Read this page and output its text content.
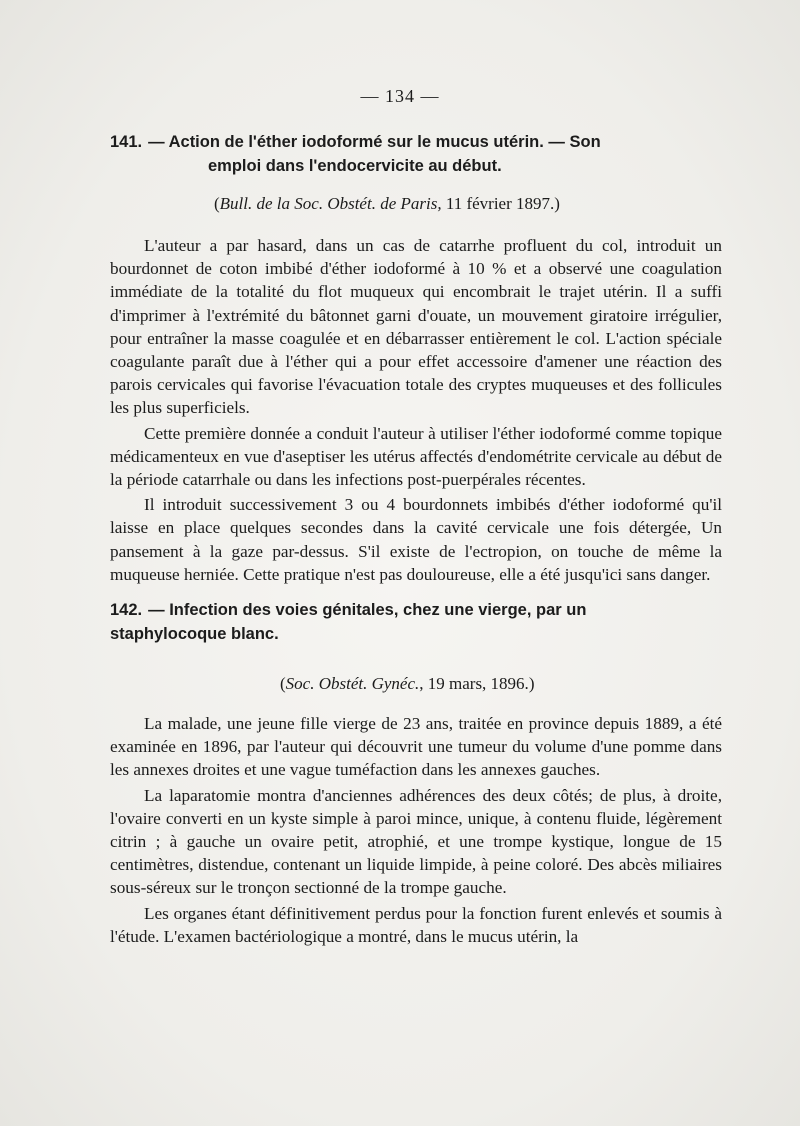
— 134 —
141. — Action de l'éther iodoformé sur le mucus utérin. — Son
emploi dans l'endocervicite au début.
(Bull. de la Soc. Obstét. de Paris, 11 février 1897.)

L'auteur a par hasard, dans un cas de catarrhe profluent du col, introduit un bourdonnet de coton imbibé d'éther iodoformé à 10 % et a observé une coagulation immédiate de la totalité du flot muqueux qui encombrait le trajet utérin. Il a suffi d'imprimer à l'extrémité du bâtonnet garni d'ouate, un mouvement giratoire irrégulier, pour entraîner la masse coagulée et en débarrasser entièrement le col. L'action spéciale coagulante paraît due à l'éther qui a pour effet accessoire d'amener une réaction des parois cervicales qui favorise l'évacuation totale des cryptes muqueuses et des follicules les plus superficiels.

Cette première donnée a conduit l'auteur à utiliser l'éther iodoformé comme topique médicamenteux en vue d'aseptiser les utérus affectés d'endométrite cervicale au début de la période catarrhale ou dans les infections post-puerpérales récentes.

Il introduit successivement 3 ou 4 bourdonnets imbibés d'éther iodoformé qu'il laisse en place quelques secondes dans la cavité cervicale une fois détergée, Un pansement à la gaze par-dessus. S'il existe de l'ectropion, on touche de même la muqueuse herniée. Cette pratique n'est pas douloureuse, elle a été jusqu'ici sans danger.

142. — Infection des voies génitales, chez une vierge, par un
staphylocoque blanc.
(Soc. Obstét. Gynéc., 19 mars, 1896.)

La malade, une jeune fille vierge de 23 ans, traitée en province depuis 1889, a été examinée en 1896, par l'auteur qui découvrit une tumeur du volume d'une pomme dans les annexes droites et une vague tuméfaction dans les annexes gauches.

La laparatomie montra d'anciennes adhérences des deux côtés; de plus, à droite, l'ovaire converti en un kyste simple à paroi mince, unique, à contenu fluide, légèrement citrin ; à gauche un ovaire petit, atrophié, et une trompe kystique, longue de 15 centimètres, distendue, contenant un liquide limpide, à peine coloré. Des abcès miliaires sous-séreux sur le tronçon sectionné de la trompe gauche.

Les organes étant définitivement perdus pour la fonction furent enlevés et soumis à l'étude. L'examen bactériologique a montré, dans le mucus utérin, la
